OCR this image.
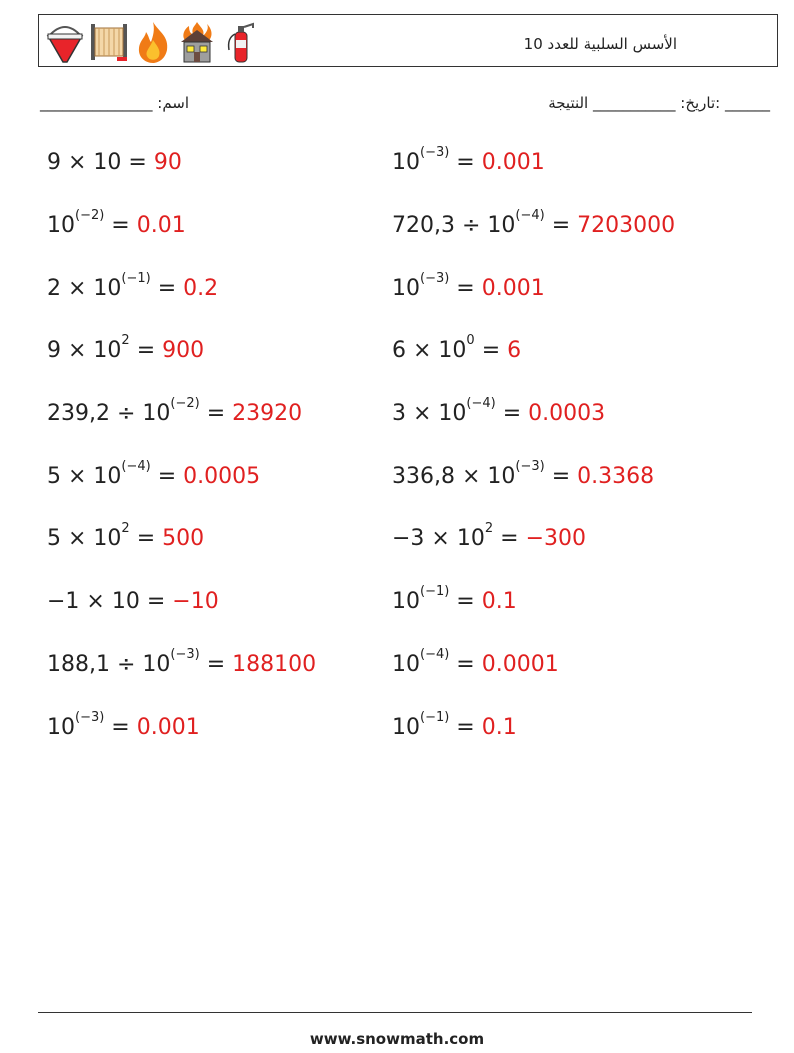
الأسس السلبية للعدد 10
اسم: _______________	______ :تاريخ: ___________ النتيجة
9 × 10 = 90	$10^{(-3)} = 0.001$
$10^{(-2)} = 0.01$	$720,3 \div 10^{(-4)} = 7203000$
$2 \times 10^{(-1)} = 0.2$	$10^{(-3)} = 0.001$
$9 \times 10^2 = 900$	$6 \times 10^0 = 6$
$239,2 \div 10^{(-2)} = 23920$	$3 \times 10^{(-4)} = 0.0003$
$5 \times 10^{(-4)} = 0.0005$	$336,8 \times 10^{(-3)} = 0.3368$
$5 \times 10^2 = 500$	$-3 \times 10^2 = -300$
−1 × 10 = −10	$10^{(-1)} = 0.1$
$188,1 \div 10^{(-3)} = 188100$	$10^{(-4)} = 0.0001$
$10^{(-3)} = 0.001$	$10^{(-1)} = 0.1$
www.snowmath.com
